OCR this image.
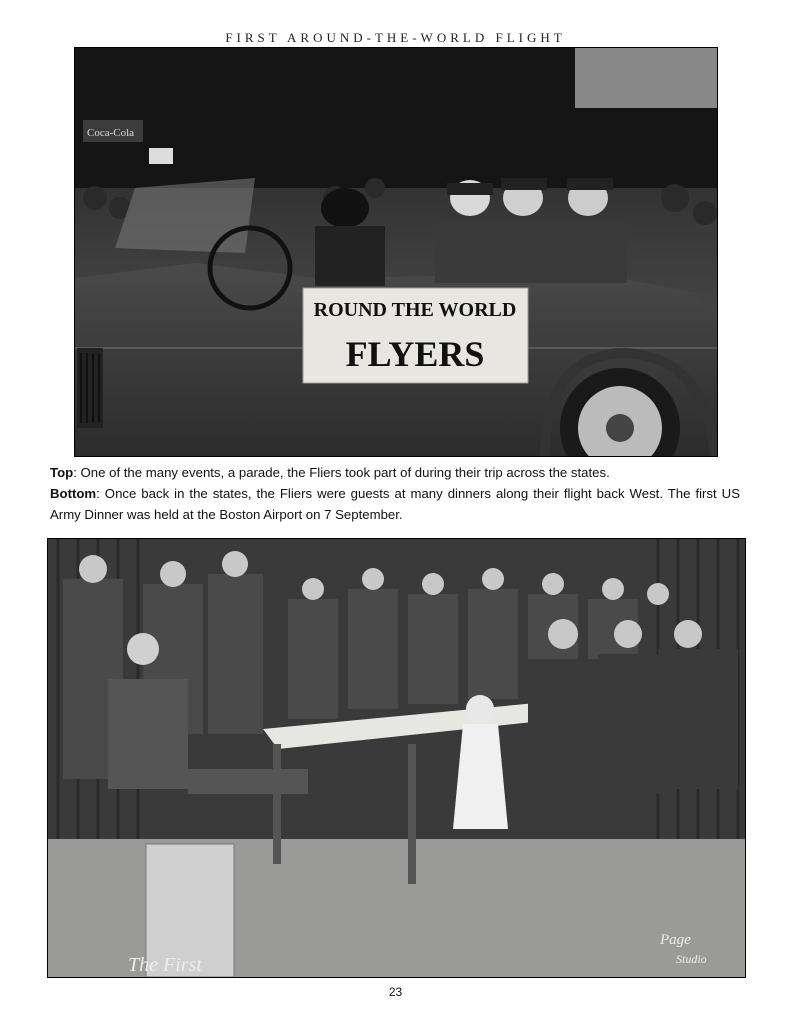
FIRST AROUND-THE-WORLD FLIGHT
Coca-Cola
ROUND THE WORLD
FLYERS
Top: One of the many events, a parade, the Fliers took part of during their trip across the states.
Bottom: Once back in the states, the Fliers were guests at many dinners along their flight back West. The first US Army Dinner was held at the Boston Airport on 7 September.
The First
Page
Studio
23
